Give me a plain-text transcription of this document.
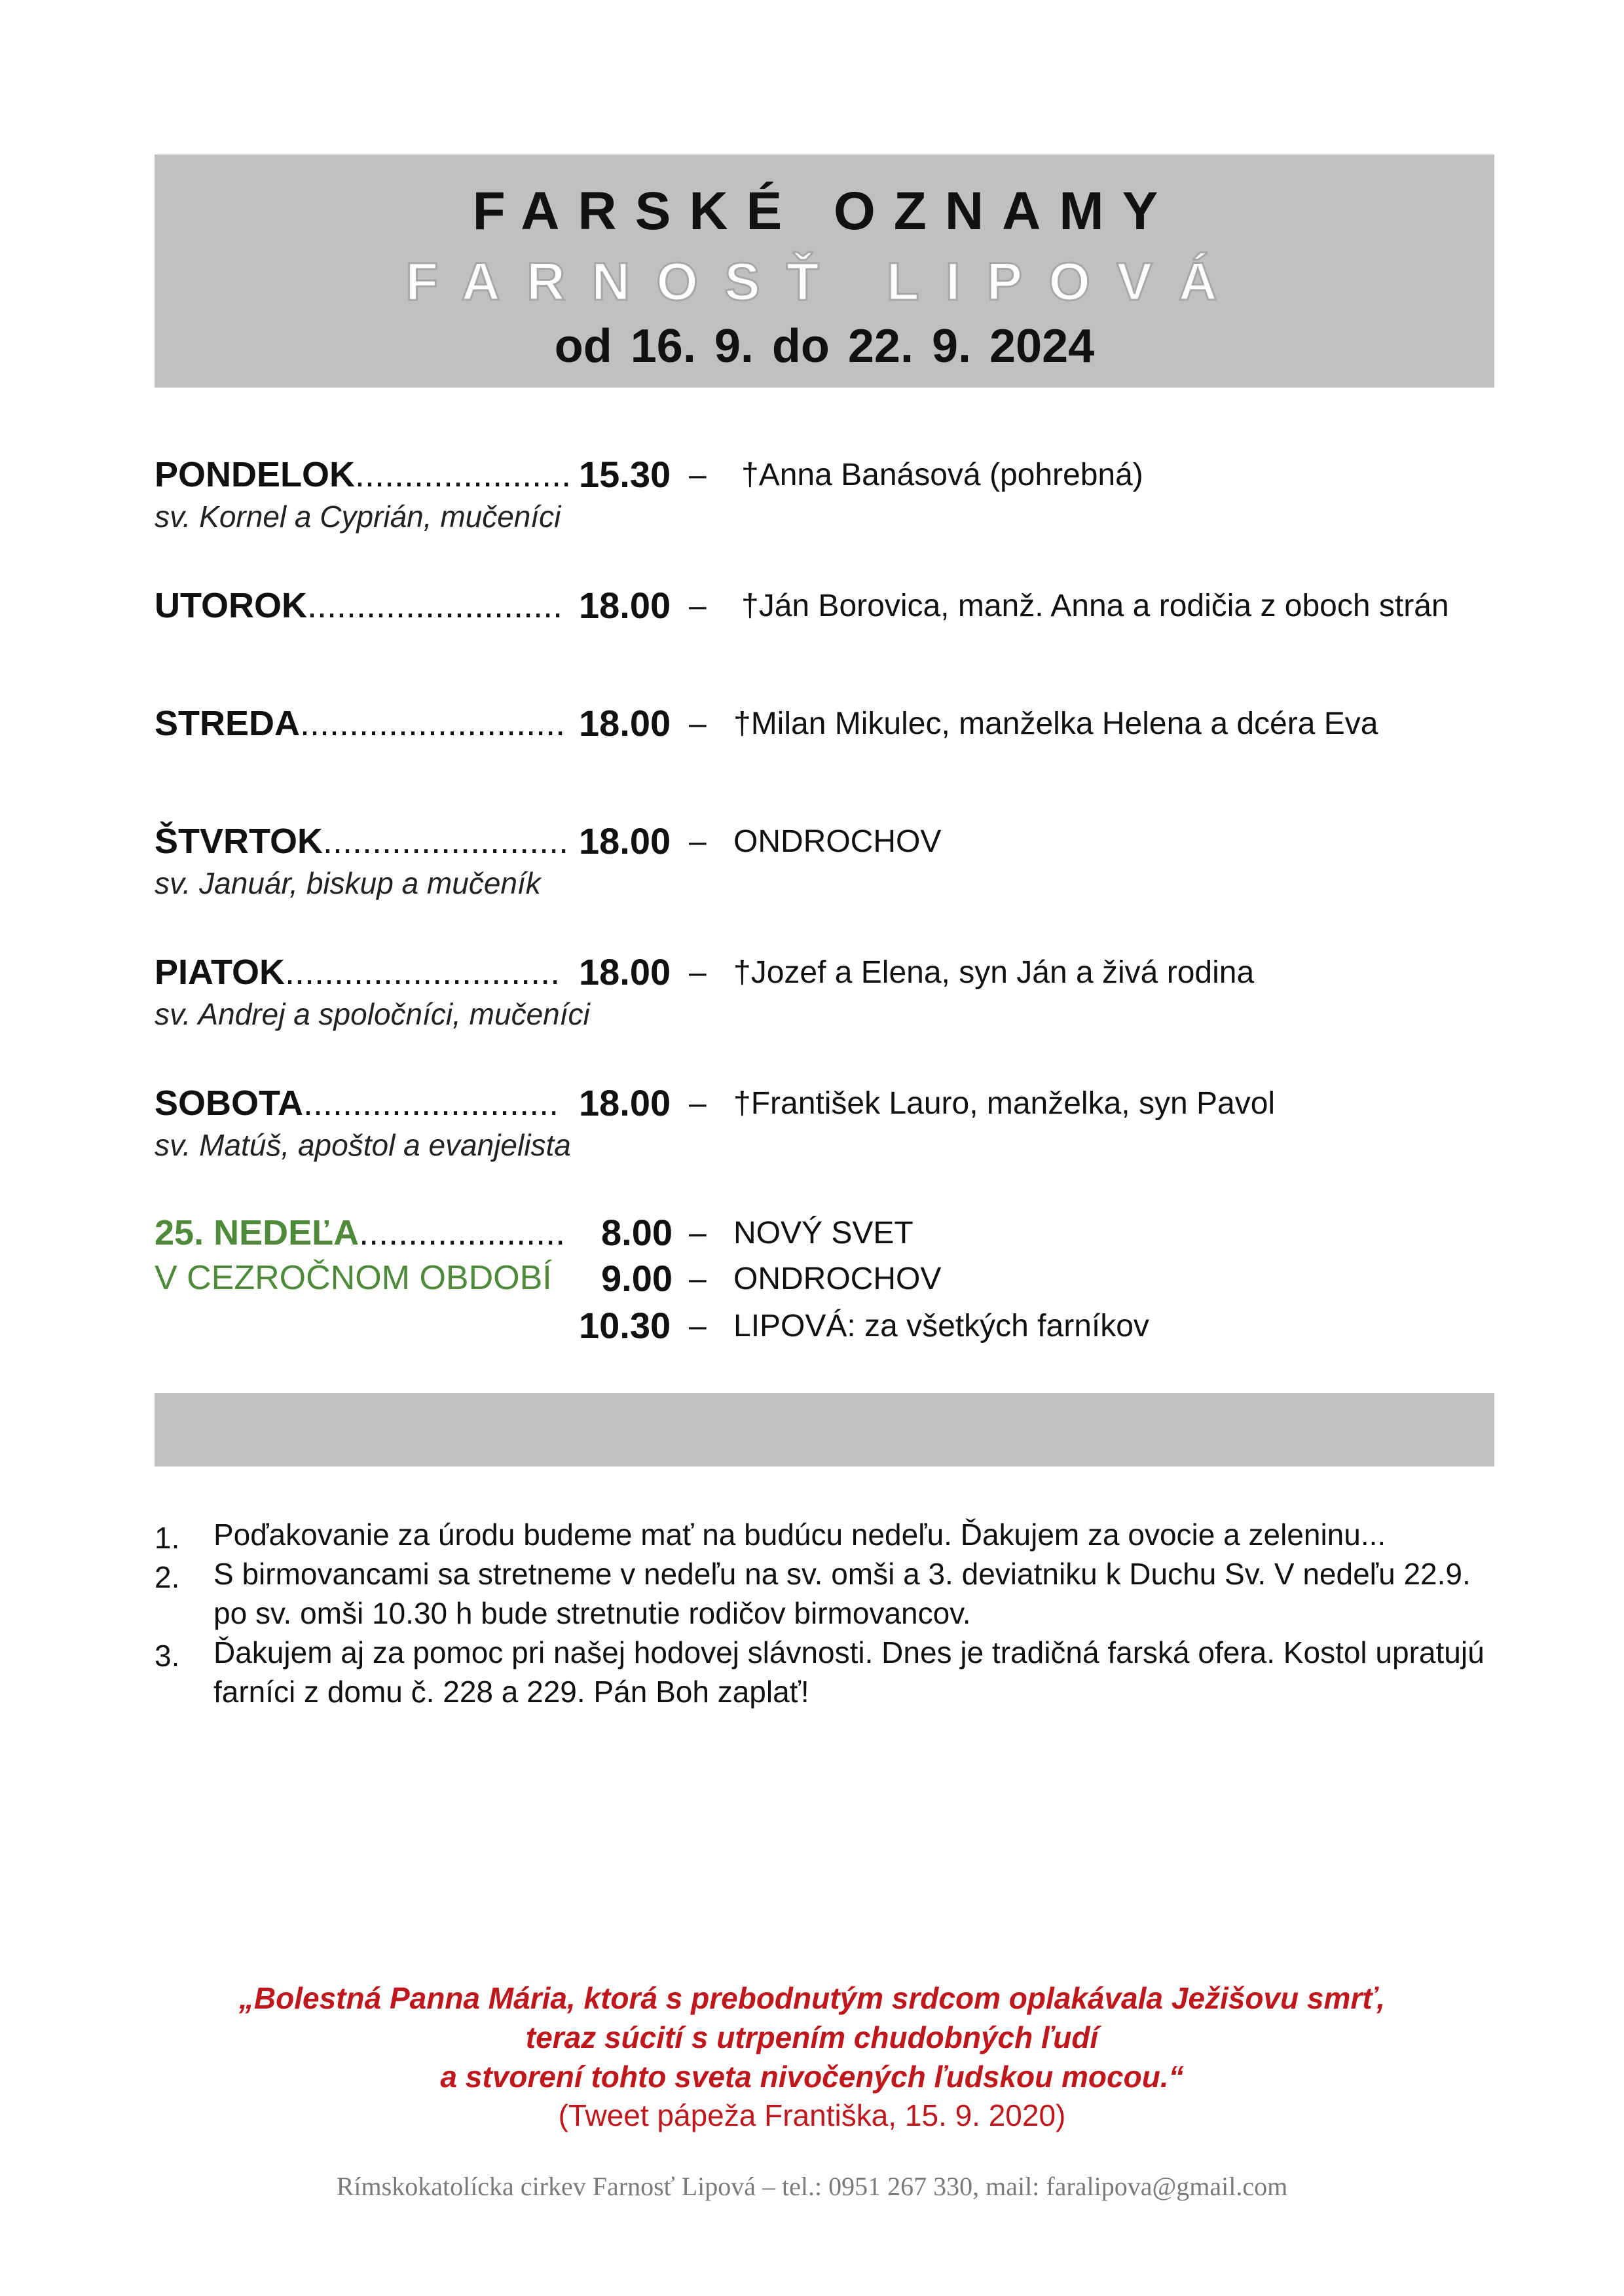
FARSKÉ OZNAMY
FARNOSŤ LIPOVÁ
od 16. 9. do 22. 9. 2024
PONDELOK...................... 15.30 – †Anna Banásová (pohrebná)
sv. Kornel a Cyprián, mučeníci
UTOROK.......................... 18.00 – †Ján Borovica, manž. Anna a rodičia z oboch strán
STREDA........................... 18.00 – †Milan Mikulec, manželka Helena a dcéra Eva
ŠTVRTOK......................... 18.00 – ONDROCHOV
sv. Január, biskup a mučeník
PIATOK............................ 18.00 – †Jozef a Elena, syn Ján a živá rodina
sv. Andrej a spoločníci, mučeníci
SOBOTA.......................... 18.00 – †František Lauro, manželka, syn Pavol
sv. Matúš, apoštol a evanjelista
25. NEDEĽA.....................
V CEZROČNOM OBDOBÍ
8.00 – NOVÝ SVET
9.00 – ONDROCHOV
10.30 – LIPOVÁ: za všetkých farníkov
1. Poďakovanie za úrodu budeme mať na budúcu nedeľu. Ďakujem za ovocie a zeleninu...
2. S birmovancami sa stretneme v nedeľu na sv. omši a 3. deviatniku k Duchu Sv. V nedeľu 22.9. po sv. omši 10.30 h bude stretnutie rodičov birmovancov.
3. Ďakujem aj za pomoc pri našej hodovej slávnosti. Dnes je tradičná farská ofera. Kostol upratujú farníci z domu č. 228 a 229. Pán Boh zaplať!
„Bolestná Panna Mária, ktorá s prebodnutým srdcom oplakávala Ježišovu smrť,
teraz súcití s utrpením chudobných ľudí
a stvorení tohto sveta nivočených ľudskou mocou.“
(Tweet pápeža Františka, 15. 9. 2020)
Rímskokatolícka cirkev Farnosť Lipová – tel.: 0951 267 330, mail: faralipova@gmail.com
